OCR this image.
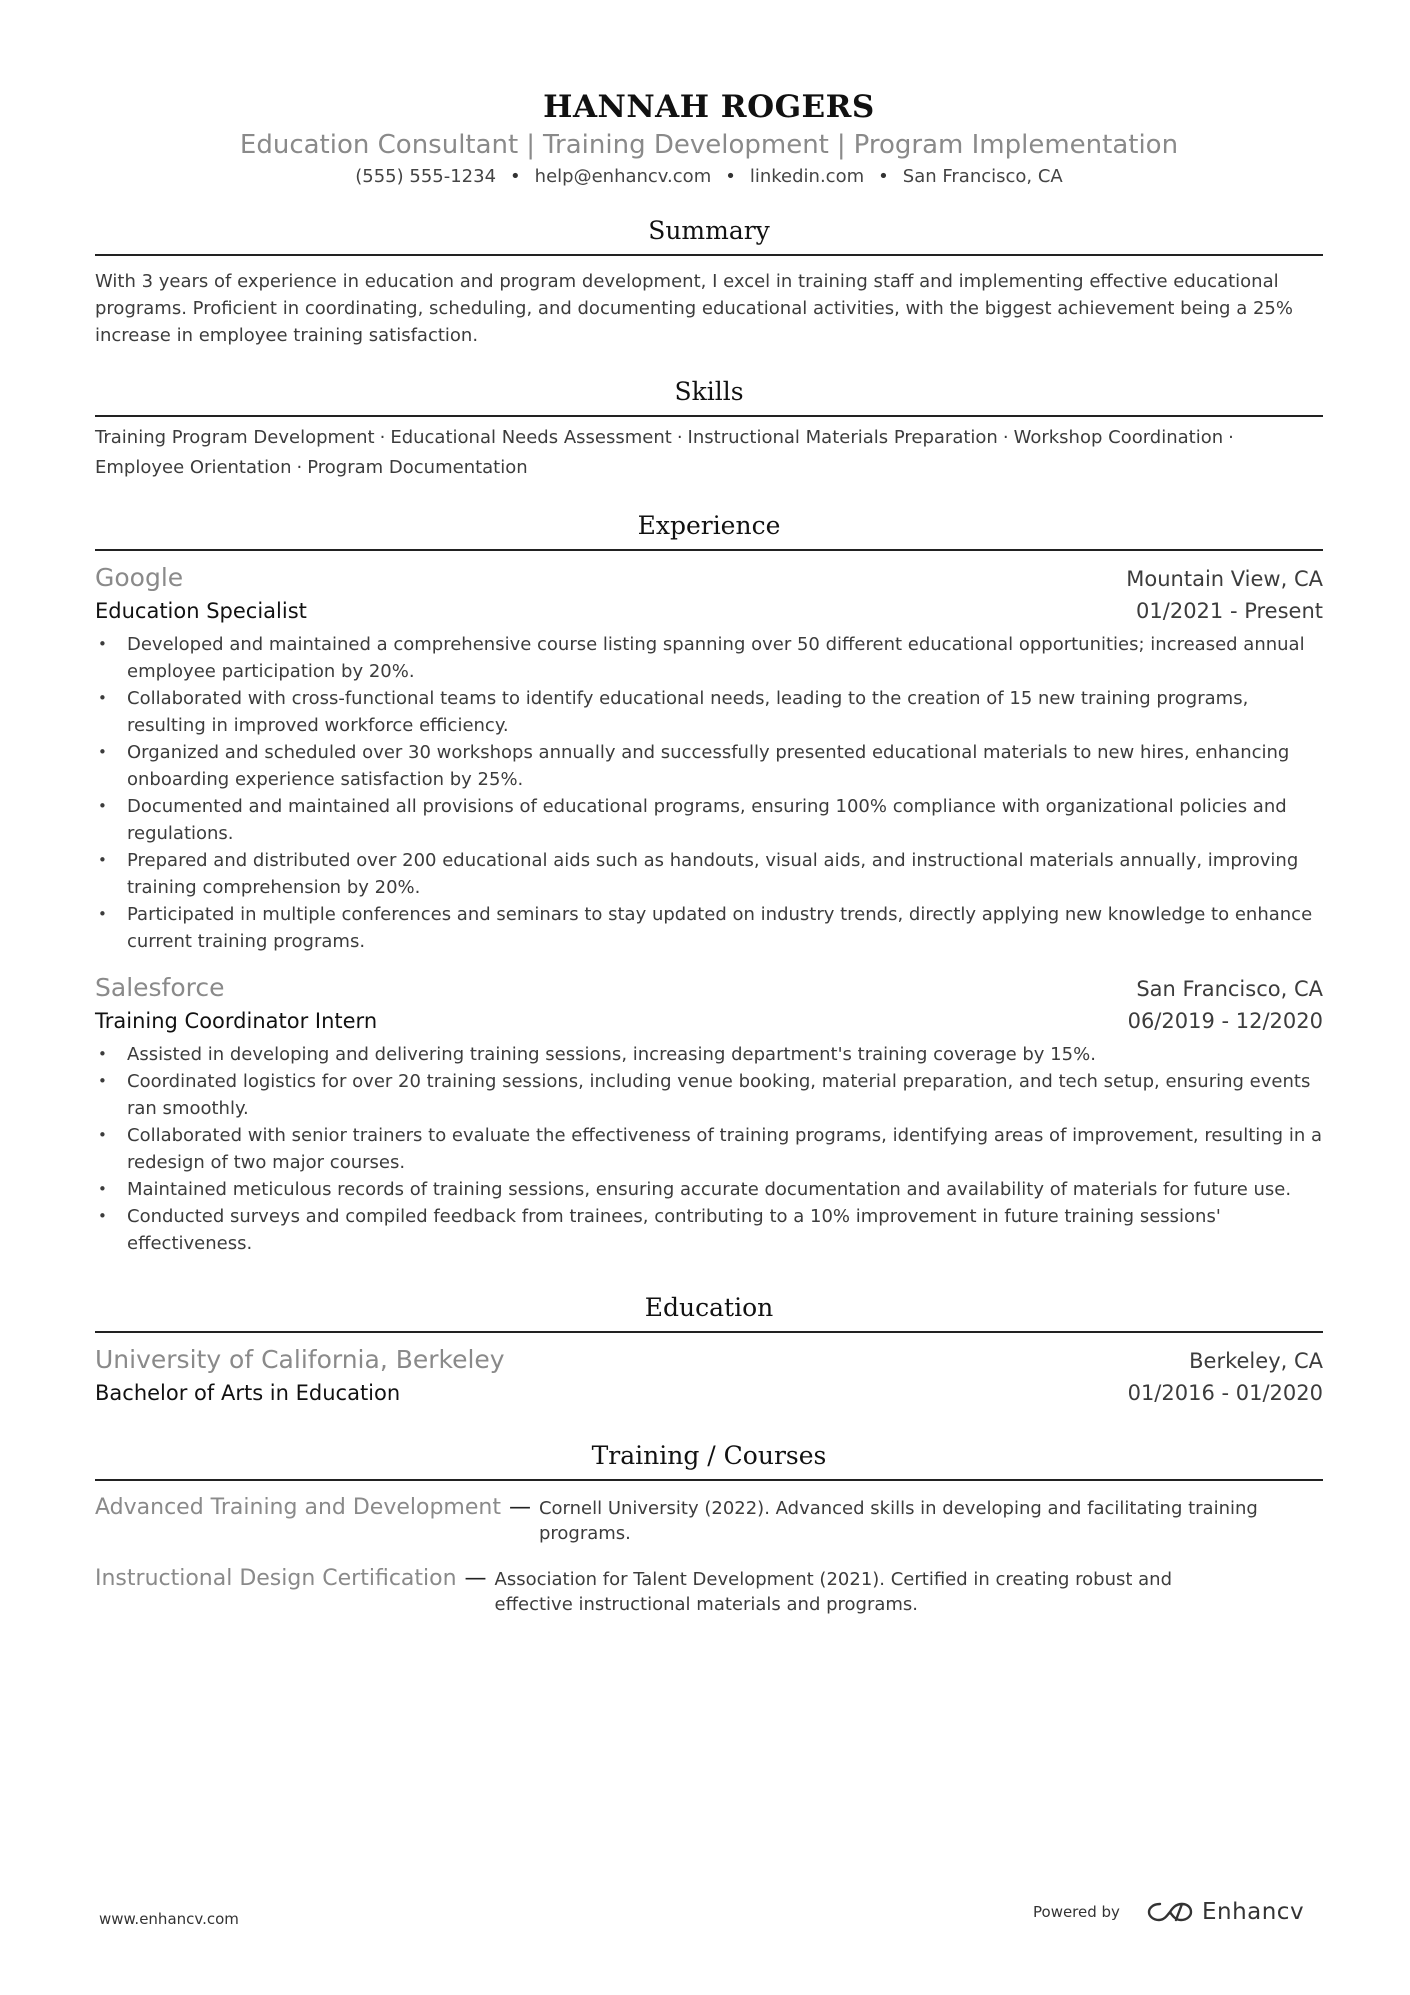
HANNAH ROGERS
Education Consultant | Training Development | Program Implementation
(555) 555-1234 • help@enhancv.com • linkedin.com • San Francisco, CA
Summary
With 3 years of experience in education and program development, I excel in training staff and implementing effective educational programs. Proficient in coordinating, scheduling, and documenting educational activities, with the biggest achievement being a 25% increase in employee training satisfaction.
Skills
Training Program Development · Educational Needs Assessment · Instructional Materials Preparation · Workshop Coordination ·
Employee Orientation · Program Documentation
Experience
Google	Mountain View, CA
Education Specialist	01/2021 - Present
• Developed and maintained a comprehensive course listing spanning over 50 different educational opportunities; increased annual employee participation by 20%.
• Collaborated with cross-functional teams to identify educational needs, leading to the creation of 15 new training programs, resulting in improved workforce efficiency.
• Organized and scheduled over 30 workshops annually and successfully presented educational materials to new hires, enhancing onboarding experience satisfaction by 25%.
• Documented and maintained all provisions of educational programs, ensuring 100% compliance with organizational policies and regulations.
• Prepared and distributed over 200 educational aids such as handouts, visual aids, and instructional materials annually, improving training comprehension by 20%.
• Participated in multiple conferences and seminars to stay updated on industry trends, directly applying new knowledge to enhance current training programs.
Salesforce	San Francisco, CA
Training Coordinator Intern	06/2019 - 12/2020
• Assisted in developing and delivering training sessions, increasing department's training coverage by 15%.
• Coordinated logistics for over 20 training sessions, including venue booking, material preparation, and tech setup, ensuring events ran smoothly.
• Collaborated with senior trainers to evaluate the effectiveness of training programs, identifying areas of improvement, resulting in a redesign of two major courses.
• Maintained meticulous records of training sessions, ensuring accurate documentation and availability of materials for future use.
• Conducted surveys and compiled feedback from trainees, contributing to a 10% improvement in future training sessions' effectiveness.
Education
University of California, Berkeley	Berkeley, CA
Bachelor of Arts in Education	01/2016 - 01/2020
Training / Courses
Advanced Training and Development — Cornell University (2022). Advanced skills in developing and facilitating training programs.
Instructional Design Certification — Association for Talent Development (2021). Certified in creating robust and effective instructional materials and programs.
www.enhancv.com	Powered by	Enhancv
